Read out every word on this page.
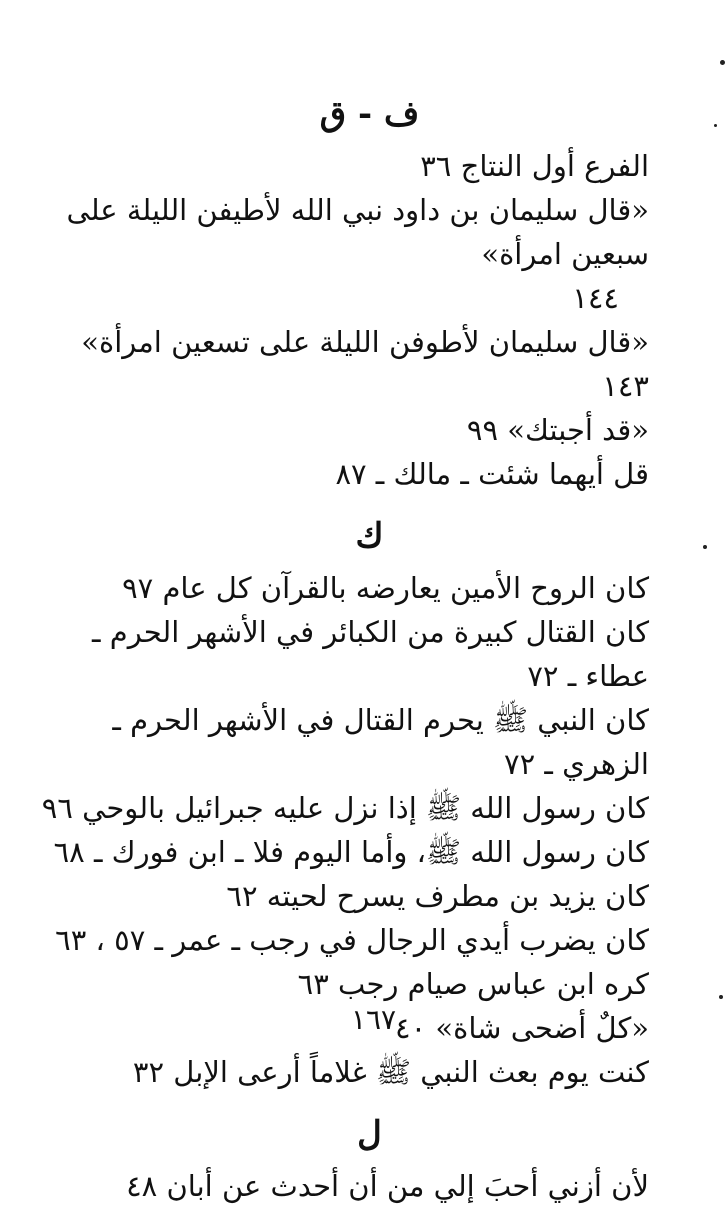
ف - ق
الفرع أول النتاج ٣٦
«قال سليمان بن داود نبي الله لأطيفن الليلة على سبعين امرأة»
١٤٤
«قال سليمان لأطوفن الليلة على تسعين امرأة» ١٤٣
«قد أجبتك» ٩٩
قل أيهما شئت ـ مالك ـ ٨٧
ك
كان الروح الأمين يعارضه بالقرآن كل عام ٩٧
كان القتال كبيرة من الكبائر في الأشهر الحرم ـ عطاء ـ ٧٢
كان النبي ﷺ يحرم القتال في الأشهر الحرم ـ الزهري ـ ٧٢
كان رسول الله ﷺ إذا نزل عليه جبرائيل بالوحي ٩٦
كان رسول الله ﷺ، وأما اليوم فلا ـ ابن فورك ـ ٦٨
كان يزيد بن مطرف يسرح لحيته ٦٢
كان يضرب أيدي الرجال في رجب ـ عمر ـ ٥٧ ، ٦٣
كره ابن عباس صيام رجب ٦٣
«كلٌ أضحى شاة» ٤٠
كنت يوم بعث النبي ﷺ غلاماً أرعى الإبل ٣٢
ل
لأن أزني أحبَ إلي من أن أحدث عن أبان ٤٨
١٦٧
